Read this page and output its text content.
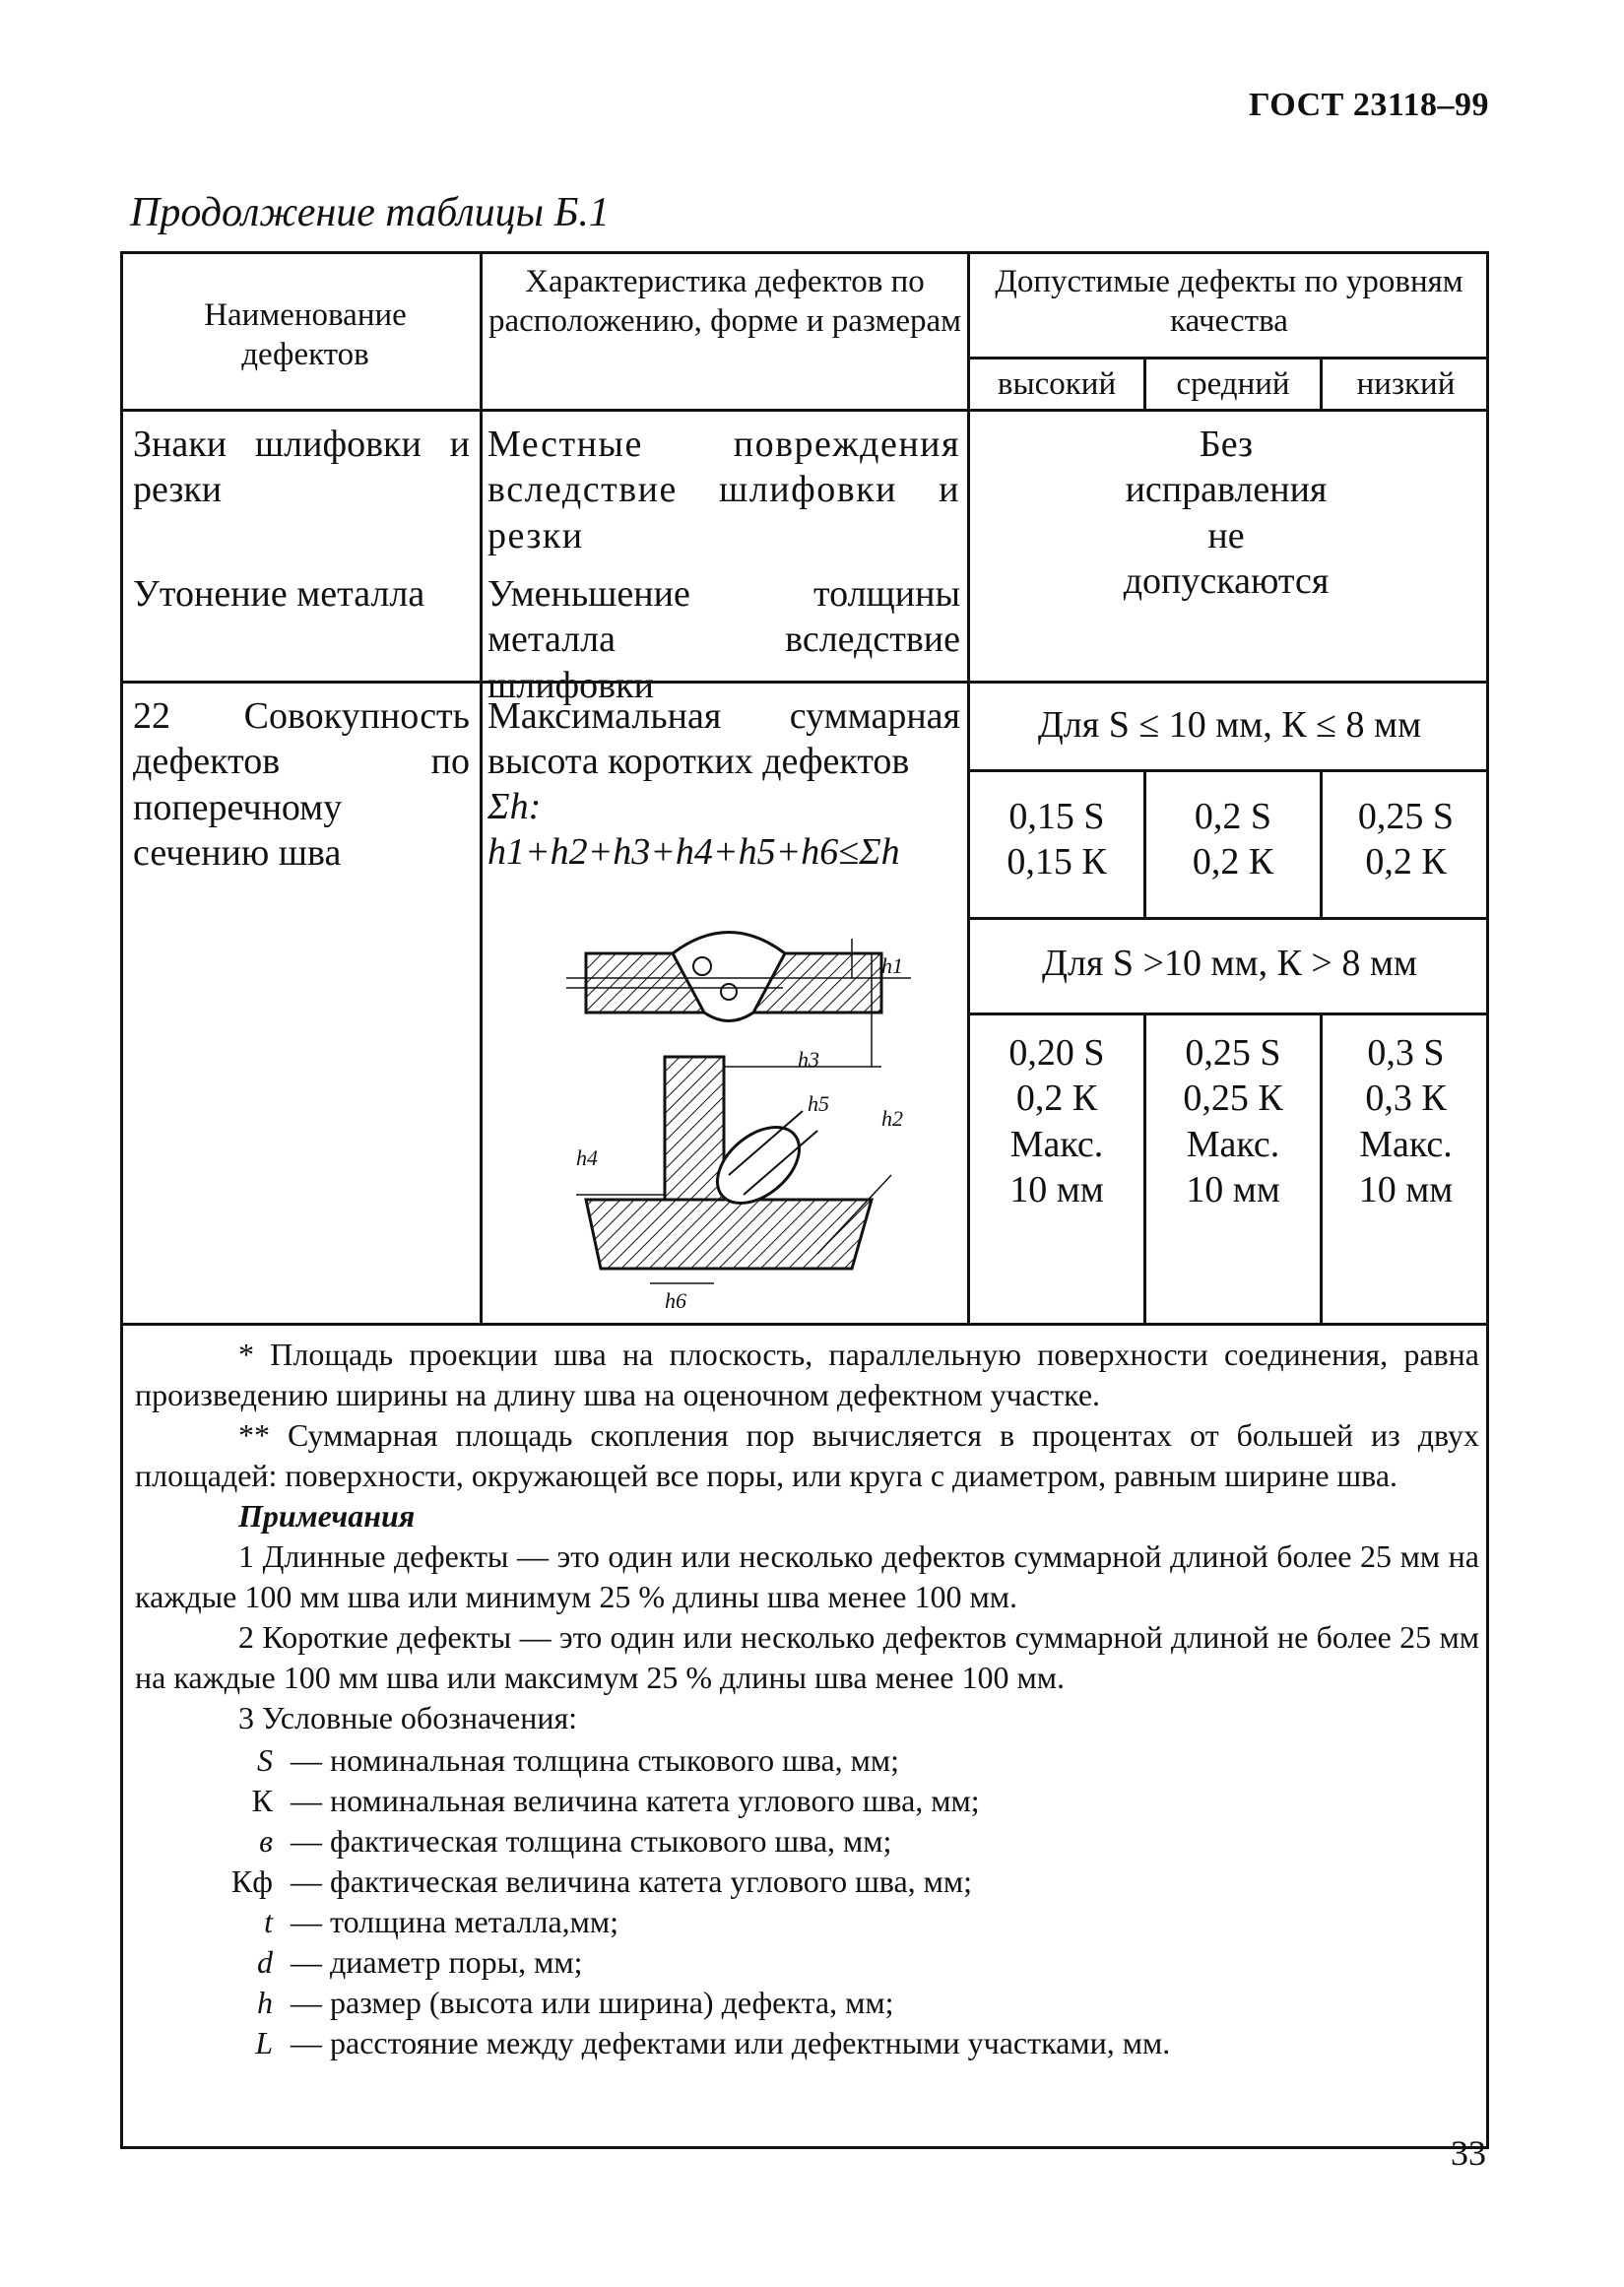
ГОСТ 23118–99
Продолжение таблицы Б.1
Наименование дефектов
Характеристика дефектов по расположению, форме и размерам
Допустимые дефекты по уровням качества
высокий	средний	низкий
Знаки шлифовки и резки
Утонение металла
Местные повреждения вследствие шлифовки и резки
Уменьшение толщины металла вследствие шлифовки
Без исправления не допускаются
22 Совокупность дефектов по поперечному сечению шва
Максимальная суммарная высота коротких дефектов
Σh:
h1+h2+h3+h4+h5+h6≤Σh
Для S ≤ 10 мм, К ≤ 8 мм
0,15 S
0,15 К
0,2 S
0,2 К
0,25 S
0,2 К
Для S >10 мм, К > 8 мм
0,20 S
0,2 К
Макс.
10 мм
0,25 S
0,25 К
Макс.
10 мм
0,3 S
0,3 К
Макс.
10 мм
h1
h2
h3
h4
h5
h6

* Площадь проекции шва на плоскость, параллельную поверхности соединения, равна произведению ширины на длину шва на оценочном дефектном участке.

** Суммарная площадь скопления пор вычисляется в процентах от большей из двух площадей: поверхности, окружающей все поры, или круга с диаметром, равным ширине шва.

Примечания

1 Длинные дефекты — это один или несколько дефектов суммарной длиной более 25 мм на каждые 100 мм шва или минимум 25 % длины шва менее 100 мм.

2 Короткие дефекты — это один или несколько дефектов суммарной длиной не более 25 мм на каждые 100 мм шва или максимум 25 % длины шва менее 100 мм.

3 Условные обозначения:

S — номинальная толщина стыкового шва, мм;
К — номинальная величина катета углового шва, мм;
в — фактическая толщина стыкового шва, мм;
Кф — фактическая величина катета углового шва, мм;
t — толщина металла,мм;
d — диаметр поры, мм;
h — размер (высота или ширина) дефекта, мм;
L — расстояние между дефектами или дефектными участками, мм.
33
